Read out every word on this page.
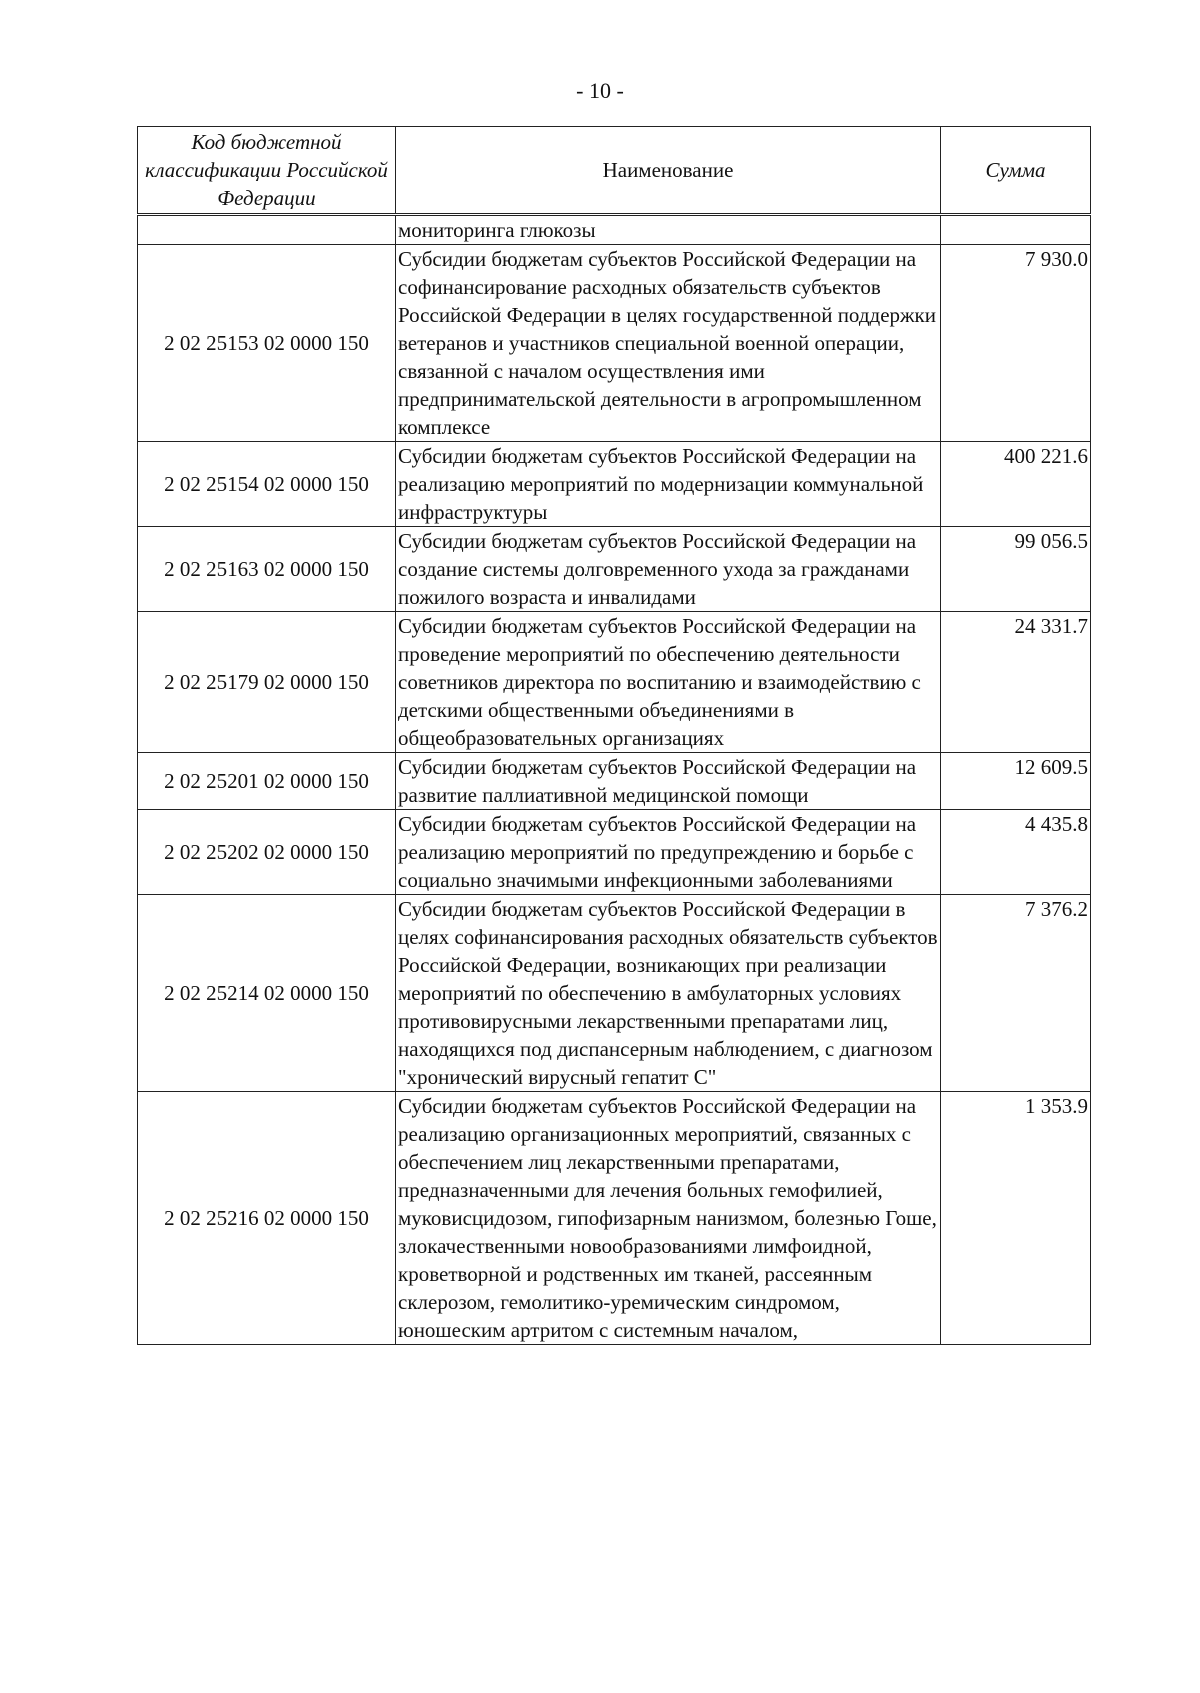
- 10 -
Код бюджетной классификации Российской Федерации	Наименование	Сумма
	мониторинга глюкозы	
2 02 25153 02 0000 150	Субсидии бюджетам субъектов Российской Федерации на софинансирование расходных обязательств субъектов Российской Федерации в целях государственной поддержки ветеранов и участников специальной военной операции, связанной с началом осуществления ими предпринимательской деятельности в агропромышленном комплексе	7 930.0
2 02 25154 02 0000 150	Субсидии бюджетам субъектов Российской Федерации на реализацию мероприятий по модернизации коммунальной инфраструктуры	400 221.6
2 02 25163 02 0000 150	Субсидии бюджетам субъектов Российской Федерации на создание системы долговременного ухода за гражданами пожилого возраста и инвалидами	99 056.5
2 02 25179 02 0000 150	Субсидии бюджетам субъектов Российской Федерации на проведение мероприятий по обеспечению деятельности советников директора по воспитанию и взаимодействию с детскими общественными объединениями в общеобразовательных организациях	24 331.7
2 02 25201 02 0000 150	Субсидии бюджетам субъектов Российской Федерации на развитие паллиативной медицинской помощи	12 609.5
2 02 25202 02 0000 150	Субсидии бюджетам субъектов Российской Федерации на реализацию мероприятий по предупреждению и борьбе с социально значимыми инфекционными заболеваниями	4 435.8
2 02 25214 02 0000 150	Субсидии бюджетам субъектов Российской Федерации в целях софинансирования расходных обязательств субъектов Российской Федерации, возникающих при реализации мероприятий по обеспечению в амбулаторных условиях противовирусными лекарственными препаратами лиц, находящихся под диспансерным наблюдением, с диагнозом "хронический вирусный гепатит С"	7 376.2
2 02 25216 02 0000 150	Субсидии бюджетам субъектов Российской Федерации на реализацию организационных мероприятий, связанных с обеспечением лиц лекарственными препаратами, предназначенными для лечения больных гемофилией, муковисцидозом, гипофизарным нанизмом, болезнью Гоше, злокачественными новообразованиями лимфоидной, кроветворной и родственных им тканей, рассеянным склерозом, гемолитико-уремическим синдромом, юношеским артритом с системным началом,	1 353.9
